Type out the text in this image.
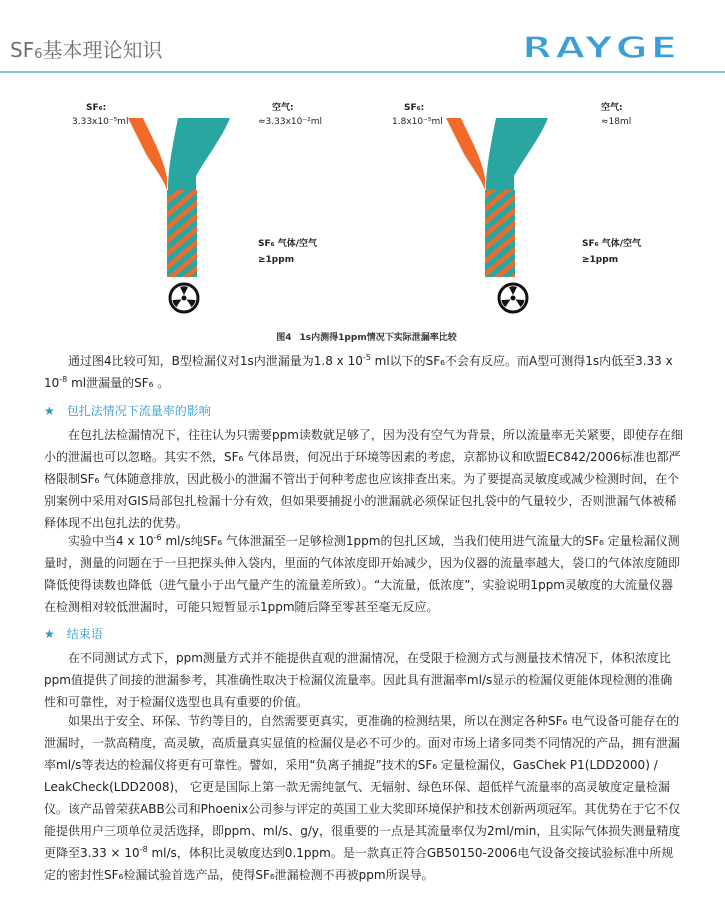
$SF_6$基本理论知识	RAYGE
SF₆:
3.33x10⁻⁵ml
空气:
≈3.33x10⁻²ml
SF₆ 气体/空气
≥1ppm
SF₆:
1.8x10⁻⁵ml
空气:
≈18ml
SF₆ 气体/空气
≥1ppm
图4 1s内测得1ppm情况下实际泄漏率比较

通过图4比较可知，B型检漏仪对1s内泄漏量为1.8 x $10^{-5}$ ml以下的SF₆不会有反应。而A型可测得1s内低至3.33 x

$10^{-8}$ ml泄漏量的SF₆ 。

★ 包扎法情况下流量率的影响

在包扎法检漏情况下，往往认为只需要ppm读数就足够了，因为没有空气为背景，所以流量率无关紧要，即使存在细小的泄漏也可以忽略。其实不然，SF₆ 气体昂贵，何况出于环境等因素的考虑，京都协议和欧盟EC842/2006标准也都严格限制SF₆ 气体随意排放，因此极小的泄漏不管出于何种考虑也应该排查出来。为了要提高灵敏度或减少检测时间，在个别案例中采用对GIS局部包扎检漏十分有效，但如果要捕捉小的泄漏就必须保证包扎袋中的气量较少，否则泄漏气体被稀释体现不出包扎法的优势。

实验中当4 x $10^{-6}$ ml/s纯SF₆ 气体泄漏至一足够检测1ppm的包扎区域，当我们使用进气流量大的SF₆ 定量检漏仪测量时，测量的问题在于一旦把探头伸入袋内，里面的气体浓度即开始减少，因为仪器的流量率越大，袋口的气体浓度随即降低使得读数也降低（进气量小于出气量产生的流量差所致）。“大流量，低浓度”，实验说明1ppm灵敏度的大流量仪器在检测相对较低泄漏时，可能只短暂显示1ppm随后降至零甚至毫无反应。

★ 结束语

在不同测试方式下，ppm测量方式并不能提供直观的泄漏情况，在受限于检测方式与测量技术情况下，体积浓度比ppm值提供了间接的泄漏参考，其准确性取决于检漏仪流量率。因此具有泄漏率ml/s显示的检漏仪更能体现检测的准确性和可靠性，对于检漏仪选型也具有重要的价值。

如果出于安全、环保、节约等目的，自然需要更真实，更准确的检测结果，所以在测定各种SF₆ 电气设备可能存在的泄漏时，一款高精度，高灵敏，高质量真实显值的检漏仪是必不可少的。面对市场上诸多同类不同情况的产品，拥有泄漏率ml/s等表达的检漏仪将更有可靠性。譬如，采用“负离子捕捉”技术的SF₆ 定量检漏仪，GasChek P1(LDD2000) / LeakCheck(LDD2008)， 它更是国际上第一款无需纯氩气、无辐射、绿色环保、超低样气流量率的高灵敏度定量检漏仪。该产品曾荣获ABB公司和Phoenix公司参与评定的英国工业大奖即环境保护和技术创新两项冠军。其优势在于它不仅能提供用户三项单位灵活选择，即ppm、ml/s、g/y，很重要的一点是其流量率仅为2ml/min，且实际气体损失测量精度更降至$3.33 \times 10^{-8}$ ml/s，体积比灵敏度达到0.1ppm。是一款真正符合GB50150-2006电气设备交接试验标准中所规定的密封性SF₆检漏试验首选产品，使得SF₆泄漏检测不再被ppm所误导。
